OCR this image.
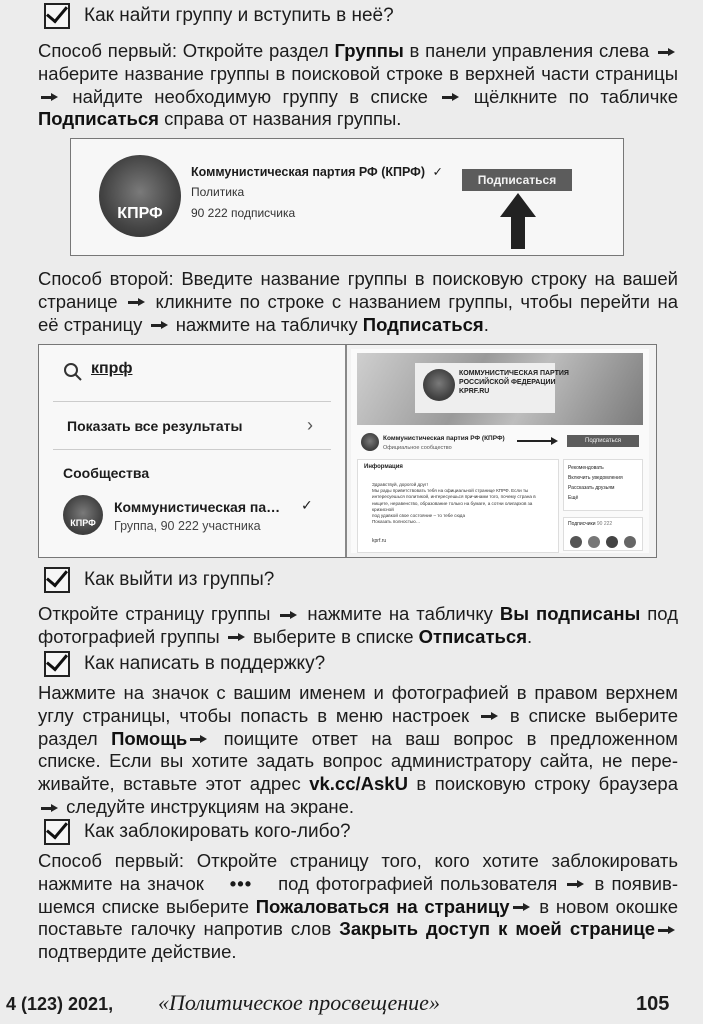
Как найти группу и вступить в неё?
Способ первый: Откройте раздел Группы в панели управления слева  наберите название группы в поисковой строке в верхней части страницы  найдите необходимую группу в списке  щёлкните по табличке Подписаться справа от названия группы.
КПРФ
Коммунистическая партия РФ (КПРФ) ✓
Политика
90 222 подписчика
Подписаться
Способ второй: Введите название группы в поисковую строку на вашей странице  кликните по строке с названием группы, чтобы перейти на её страницу  нажмите на табличку Подписаться.
кпрф
Показать все результаты	›
Сообщества
КПРФ
Коммунистическая па… ✓
Группа, 90 222 участника
КОММУНИСТИЧЕСКАЯ ПАРТИЯ
РОССИЙСКОЙ ФЕДЕРАЦИИ
KPRF.RU
Коммунистическая партия РФ (КПРФ)
Официальное сообщество
Подписаться
Информация
Здравствуй, дорогой друг!
Мы рады приветствовать тебя на официальной странице КПРФ. Если ты
интересуешься политикой, интересуешься причинами того, почему страна в
нищете, неравенство, образование только на бумаге, а сотни олигархов за кризисной
под удавкой свое состояние – то тебе сюда
Показать полностью…
kprf.ru
Рекомендовать
Включить уведомления
Рассказать друзьям
Ещё
Подписчики 90 222
Как выйти из группы?
Откройте страницу группы  нажмите на табличку Вы подписаны под фотографией группы  выберите в списке Отписаться.
Как написать в поддержку?
Нажмите на значок с вашим именем и фотографией в правом верхнем углу страницы, чтобы попасть в меню настроек  в списке выберите раздел Помощь поищите ответ на ваш вопрос в предложенном списке. Если вы хотите задать вопрос администратору сайта, не переживайте, вставьте этот адрес vk.cc/AskU в поисковую строку браузера  следуйте инструкциям на экране.
Как заблокировать кого-либо?
Способ первый: Откройте страницу того, кого хотите заблокировать нажмите на значок ••• под фотографией пользователя  в появившемся списке выберите Пожаловаться на страницу в новом окошке поставьте галочку напротив слов Закрыть доступ к моей странице подтвердите действие.
4 (123) 2021, «Политическое просвещение»	105
